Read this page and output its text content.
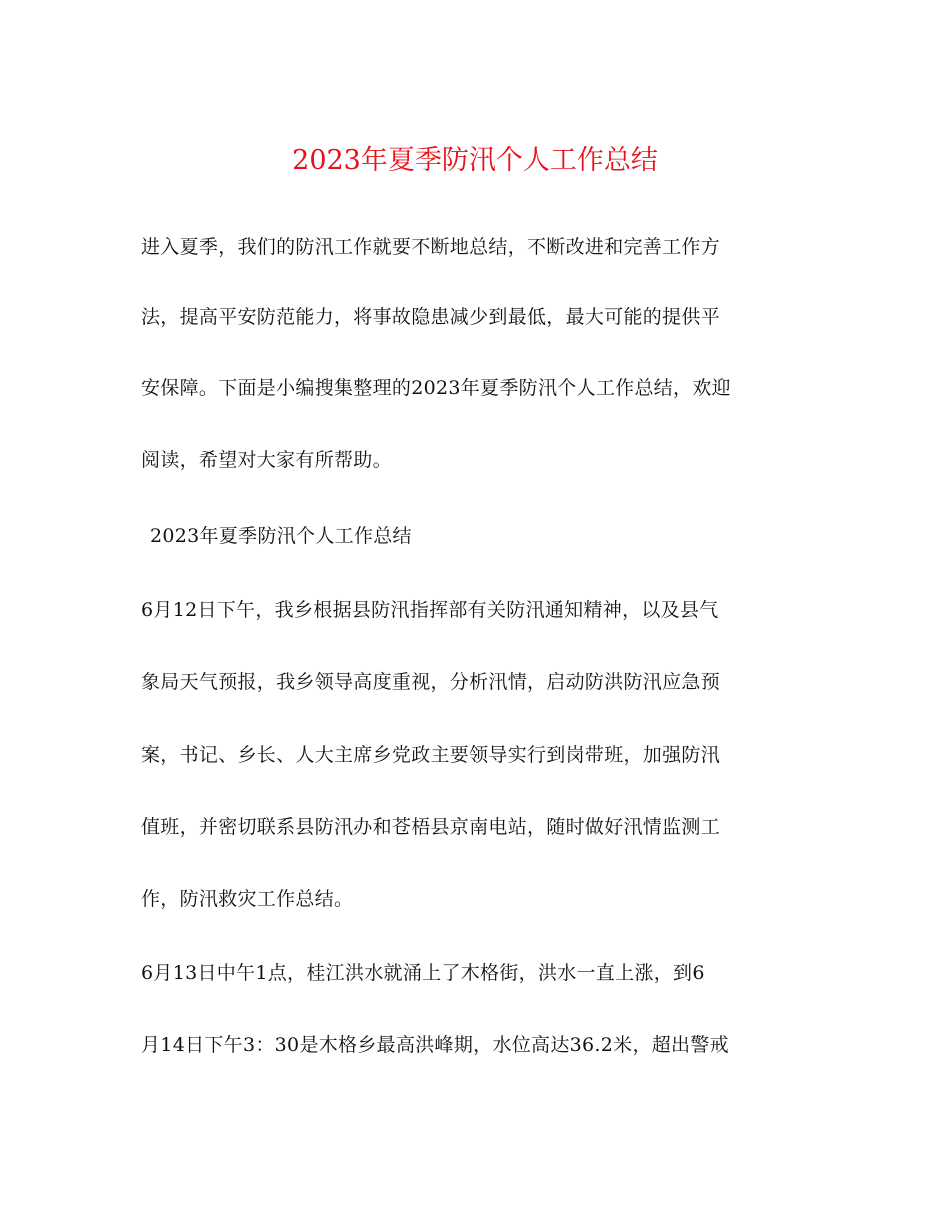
2023年夏季防汛个人工作总结
进入夏季，我们的防汛工作就要不断地总结，不断改进和完善工作方
法，提高平安防范能力，将事故隐患减少到最低，最大可能的提供平
安保障。下面是小编搜集整理的2023年夏季防汛个人工作总结，欢迎
阅读，希望对大家有所帮助。
2023年夏季防汛个人工作总结
6月12日下午，我乡根据县防汛指挥部有关防汛通知精神，以及县气
象局天气预报，我乡领导高度重视，分析汛情，启动防洪防汛应急预
案，书记、乡长、人大主席乡党政主要领导实行到岗带班，加强防汛
值班，并密切联系县防汛办和苍梧县京南电站，随时做好汛情监测工
作，防汛救灾工作总结。
6月13日中午1点，桂江洪水就涌上了木格街，洪水一直上涨，到6
月14日下午3：30是木格乡最高洪峰期，水位高达36.2米，超出警戒
